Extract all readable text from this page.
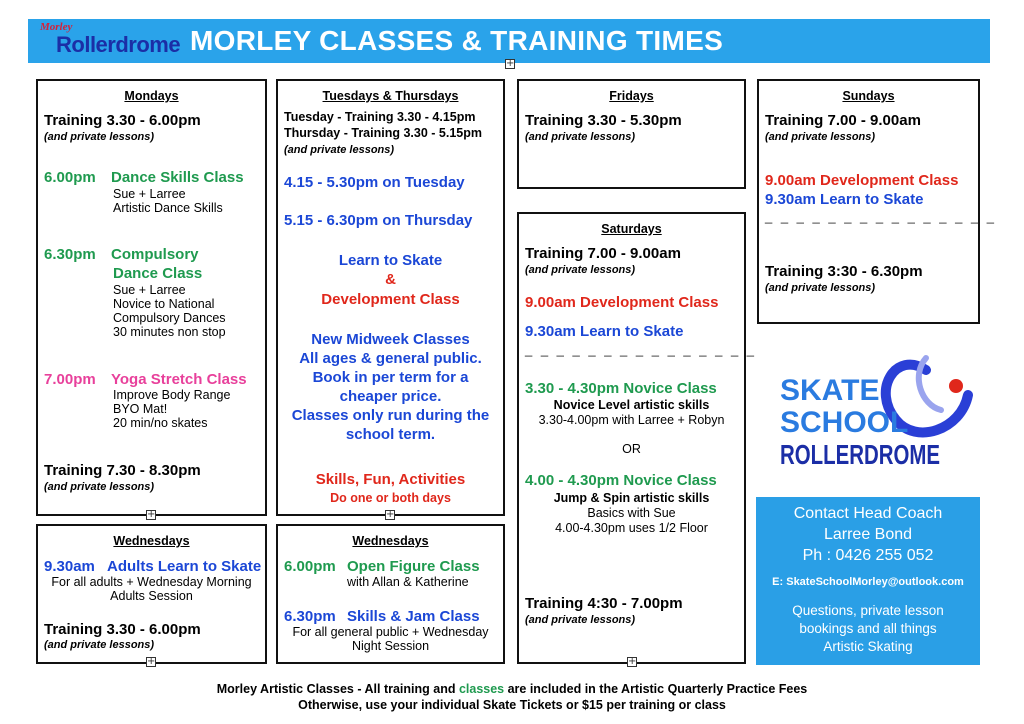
Morley
Rollerdrome MORLEY CLASSES & TRAINING TIMES
+
Mondays
Training 3.30 - 6.00pm
(and private lessons)
6.00pm Dance Skills Class
Sue + Larree
Artistic Dance Skills
6.30pm Compulsory
Dance Class
Sue + Larree
Novice to National
Compulsory Dances
30 minutes non stop
7.00pm Yoga Stretch Class
Improve Body Range
BYO Mat!
20 min/no skates
Training 7.30 - 8.30pm
(and private lessons)
+
Tuesdays & Thursdays
Tuesday - Training 3.30 - 4.15pm
Thursday - Training 3.30 - 5.15pm
(and private lessons)
4.15 - 5.30pm on Tuesday
5.15 - 6.30pm on Thursday
Learn to Skate
&
Development Class
New Midweek Classes
All ages & general public.
Book in per term for a
cheaper price.
Classes only run during the
school term.
Skills, Fun, Activities
Do one or both days
+
Fridays
Training 3.30 - 5.30pm
(and private lessons)
Sundays
Training 7.00 - 9.00am
(and private lessons)
9.00am Development Class
9.30am Learn to Skate
_ _ _ _ _ _ _ _ _ _ _ _ _ _ _
Training 3:30 - 6.30pm
(and private lessons)
Saturdays
Training 7.00 - 9.00am
(and private lessons)
9.00am Development Class
9.30am Learn to Skate
_ _ _ _ _ _ _ _ _ _ _ _ _ _ _
3.30 - 4.30pm Novice Class
Novice Level artistic skills
3.30-4.00pm with Larree + Robyn
OR
4.00 - 4.30pm Novice Class
Jump & Spin artistic skills
Basics with Sue
4.00-4.30pm uses 1/2 Floor
Training 4:30 - 7.00pm
(and private lessons)
+
Wednesdays
9.30am Adults Learn to Skate
For all adults + Wednesday Morning
Adults Session
Training 3.30 - 6.00pm
(and private lessons)
+
Wednesdays
6.00pm Open Figure Class
with Allan & Katherine
6.30pm Skills & Jam Class
For all general public + Wednesday
Night Session
SKATE
SCHOOL
ROLLERDROME
Contact Head Coach
Larree Bond
Ph : 0426 255 052
E: SkateSchoolMorley@outlook.com
Questions, private lesson
bookings and all things
Artistic Skating
Morley Artistic Classes - All training and classes are included in the Artistic Quarterly Practice Fees
Otherwise, use your individual Skate Tickets or $15 per training or class
